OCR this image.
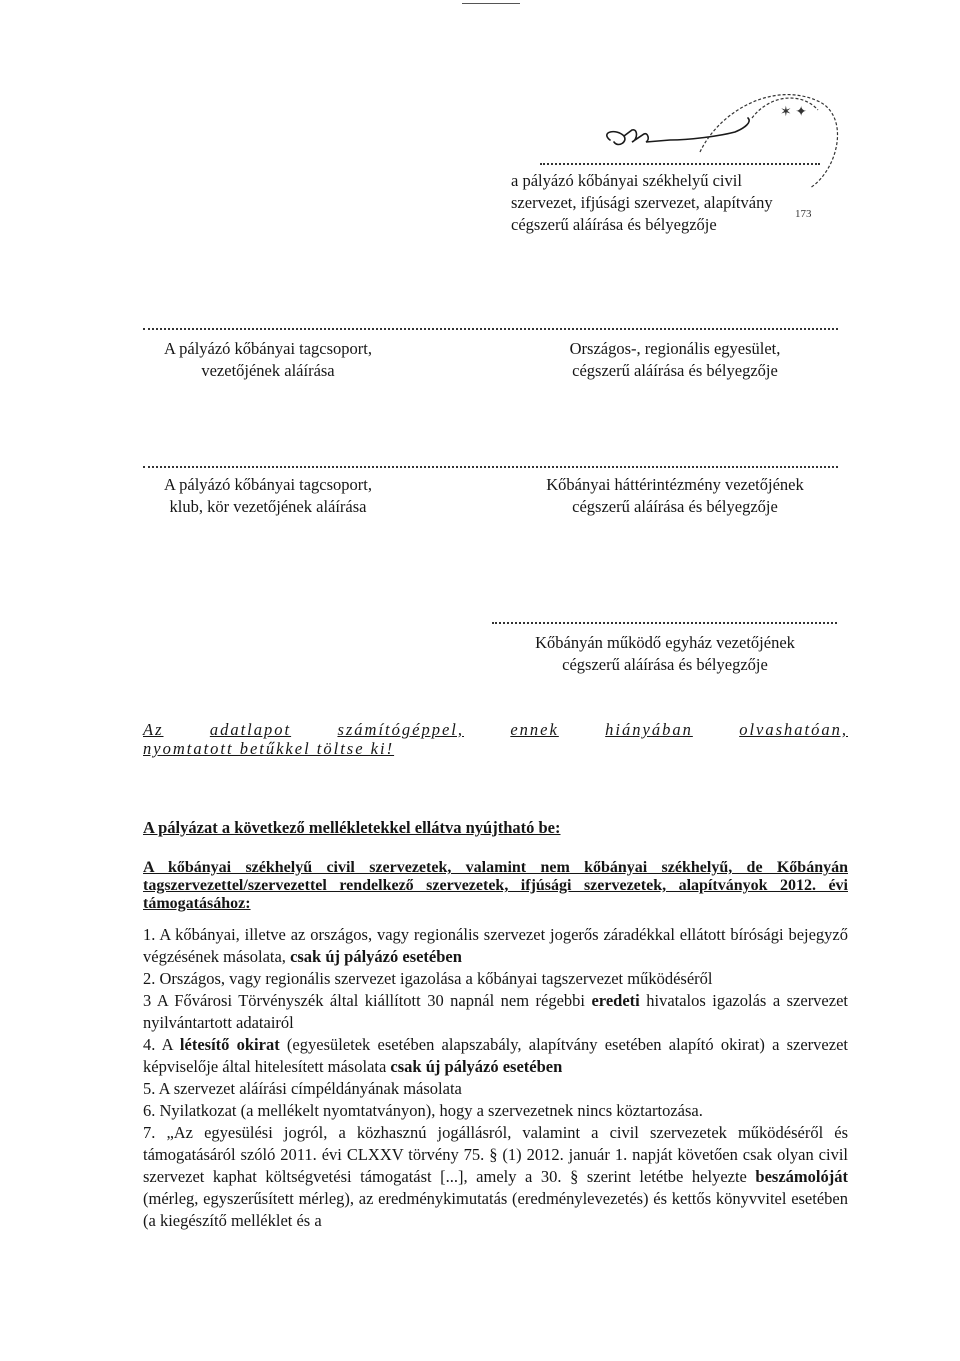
✶ ✦
a pályázó kőbányai székhelyű civil
szervezet, ifjúsági szervezet, alapítvány
cégszerű aláírása és bélyegzője
173
A pályázó kőbányai tagcsoport,
vezetőjének aláírása
Országos-, regionális egyesület,
cégszerű aláírása és bélyegzője
A pályázó kőbányai tagcsoport,
klub, kör vezetőjének aláírása
Kőbányai háttérintézmény vezetőjének
cégszerű aláírása és bélyegzője
Kőbányán működő egyház vezetőjének
cégszerű aláírása és bélyegzője
Az	adatlapot	számítógéppel,	ennek	hiányában	olvashatóan,
nyomtatott betűkkel töltse ki!
A pályázat a következő mellékletekkel ellátva nyújtható be:
A kőbányai székhelyű civil szervezetek, valamint nem kőbányai székhelyű, de Kőbányán tagszervezettel/szervezettel rendelkező szervezetek, ifjúsági szervezetek, alapítványok 2012. évi támogatásához:

1. A kőbányai, illetve az országos, vagy regionális szervezet jogerős záradékkal ellátott bírósági bejegyző végzésének másolata, csak új pályázó esetében

2. Országos, vagy regionális szervezet igazolása a kőbányai tagszervezet működéséről

3 A Fővárosi Törvényszék által kiállított 30 napnál nem régebbi eredeti hivatalos igazolás a szervezet nyilvántartott adatairól

4. A létesítő okirat (egyesületek esetében alapszabály, alapítvány esetében alapító okirat) a szervezet képviselője által hitelesített másolata csak új pályázó esetében

5. A szervezet aláírási címpéldányának másolata

6. Nyilatkozat (a mellékelt nyomtatványon), hogy a szervezetnek nincs köztartozása.

7. „Az egyesülési jogról, a közhasznú jogállásról, valamint a civil szervezetek működéséről és támogatásáról szóló 2011. évi CLXXV törvény 75. § (1) 2012. január 1. napját követően csak olyan civil szervezet kaphat költségvetési támogatást [...], amely a 30. § szerint letétbe helyezte beszámolóját (mérleg, egyszerűsített mérleg), az eredménykimutatás (eredménylevezetés) és kettős könyvvitel esetében (a kiegészítő melléklet és a
